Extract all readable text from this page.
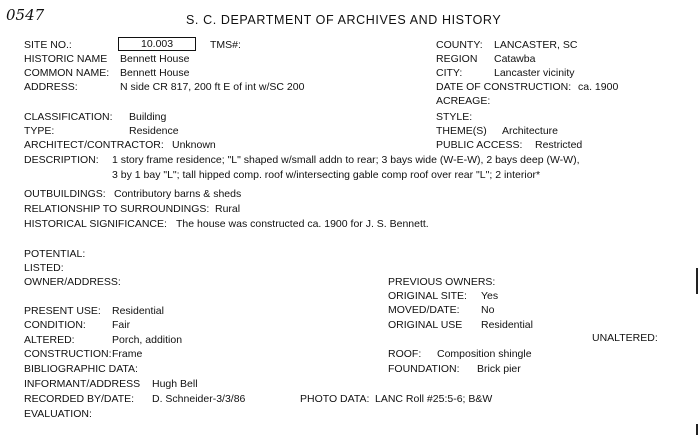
0547	S. C. DEPARTMENT OF ARCHIVES AND HISTORY
SITE NO.:	10.003	TMS#:
HISTORIC NAME Bennett House
COMMON NAME: Bennett House
ADDRESS:	N side CR 817, 200 ft E of int w/SC 200
CLASSIFICATION: Building
TYPE:	Residence
ARCHITECT/CONTRACTOR: Unknown
COUNTY: LANCASTER, SC
REGION Catawba
CITY:	Lancaster vicinity
DATE OF CONSTRUCTION: ca. 1900
ACREAGE:
STYLE:
THEME(S) Architecture
PUBLIC ACCESS: Restricted
DESCRIPTION: 1 story frame residence; "L" shaped w/small addn to rear; 3 bays wide (W-E-W), 2 bays deep (W-W),
3 by 1 bay "L"; tall hipped comp. roof w/intersecting gable comp roof over rear "L"; 2 interior*
OUTBUILDINGS: Contributory barns & sheds
RELATIONSHIP TO SURROUNDINGS: Rural
HISTORICAL SIGNIFICANCE: The house was constructed ca. 1900 for J. S. Bennett.
POTENTIAL:
LISTED:
OWNER/ADDRESS:	PREVIOUS OWNERS:
ORIGINAL SITE: Yes
MOVED/DATE: No
PRESENT USE: Residential
ORIGINAL USE Residential
CONDITION: Fair
ALTERED:	Porch, addition	UNALTERED:
CONSTRUCTION: Frame	ROOF: Composition shingle
BIBLIOGRAPHIC DATA:	FOUNDATION: Brick pier
INFORMANT/ADDRESS Hugh Bell
RECORDED BY/DATE: D. Schneider-3/3/86	PHOTO DATA: LANC Roll #25:5-6; B&W
EVALUATION:
